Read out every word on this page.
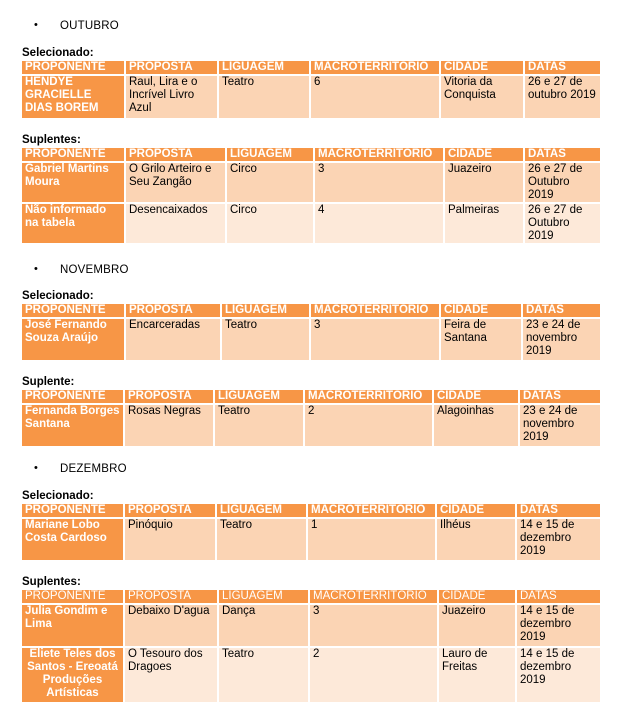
• OUTUBRO
Selecionado:
PROPONENTE	PROPOSTA	LIGUAGEM	MACROTERRITÓRIO	CIDADE	DATAS
HENDYE GRACIELLE DIAS BOREM	Raul, Lira e o Incrível Livro Azul	Teatro	6	Vitoria da Conquista	26 e 27 de outubro 2019
Suplentes:
PROPONENTE	PROPOSTA	LIGUAGEM	MACROTERRITÓRIO	CIDADE	DATAS
Gabriel Martins Moura	O Grilo Arteiro e Seu Zangão	Circo	3	Juazeiro	26 e 27 de Outubro 2019
Não informado na tabela	Desencaixados	Circo	4	Palmeiras	26 e 27 de Outubro 2019
• NOVEMBRO
Selecionado:
PROPONENTE	PROPOSTA	LIGUAGEM	MACROTERRITÓRIO	CIDADE	DATAS
José Fernando Souza Araújo	Encarceradas	Teatro	3	Feira de Santana	23 e 24 de novembro 2019
Suplente:
PROPONENTE	PROPOSTA	LIGUAGEM	MACROTERRITÓRIO	CIDADE	DATAS
Fernanda Borges Santana	Rosas Negras	Teatro	2	Alagoinhas	23 e 24 de novembro 2019
• DEZEMBRO
Selecionado:
PROPONENTE	PROPOSTA	LIGUAGEM	MACROTERRITÓRIO	CIDADE	DATAS
Mariane Lobo Costa Cardoso	Pinóquio	Teatro	1	Ilhéus	14 e 15 de dezembro 2019
Suplentes:
PROPONENTE	PROPOSTA	LIGUAGEM	MACROTERRITÓRIO	CIDADE	DATAS
Julia Gondim e Lima	Debaixo D'agua	Dança	3	Juazeiro	14 e 15 de dezembro 2019
Eliete Teles dos Santos - Ereoatá Produções Artísticas	O Tesouro dos Dragoes	Teatro	2	Lauro de Freitas	14 e 15 de dezembro 2019
